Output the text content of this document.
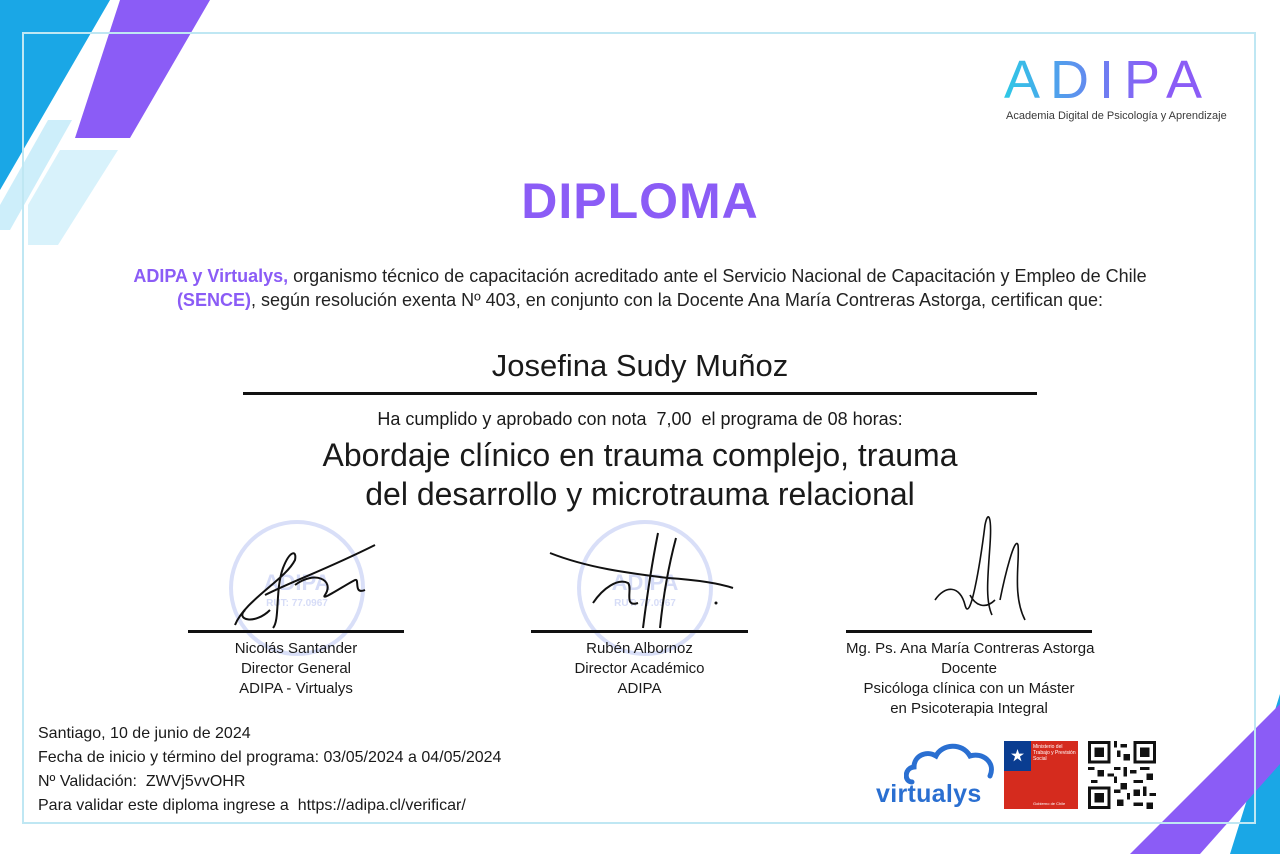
ADIPA
Academia Digital de Psicología y Aprendizaje
DIPLOMA
ADIPA y Virtualys, organismo técnico de capacitación acreditado ante el Servicio Nacional de Capacitación y Empleo de Chile (SENCE), según resolución exenta Nº 403, en conjunto con la Docente Ana María Contreras Astorga, certifican que:
Josefina Sudy Muñoz
Ha cumplido y aprobado con nota  7,00  el programa de 08 horas:
Abordaje clínico en trauma complejo, trauma
del desarrollo y microtrauma relacional
ADIPA
RUT: 77.0967
ADIPA
RUT: 77.0967
Nicolás Santander
Director General
ADIPA - Virtualys
Rubén Albornoz
Director Académico
ADIPA
Mg. Ps. Ana María Contreras Astorga
Docente
Psicóloga clínica con un Máster
en Psicoterapia Integral
Santiago, 10 de junio de 2024
Fecha de inicio y término del programa: 03/05/2024 a 04/05/2024
Nº Validación:  ZWVj5vvOHR
Para validar este diploma ingrese a  https://adipa.cl/verificar/	virtualys
Ministerio del Trabajo y Previsión Social
Gobierno de Chile
